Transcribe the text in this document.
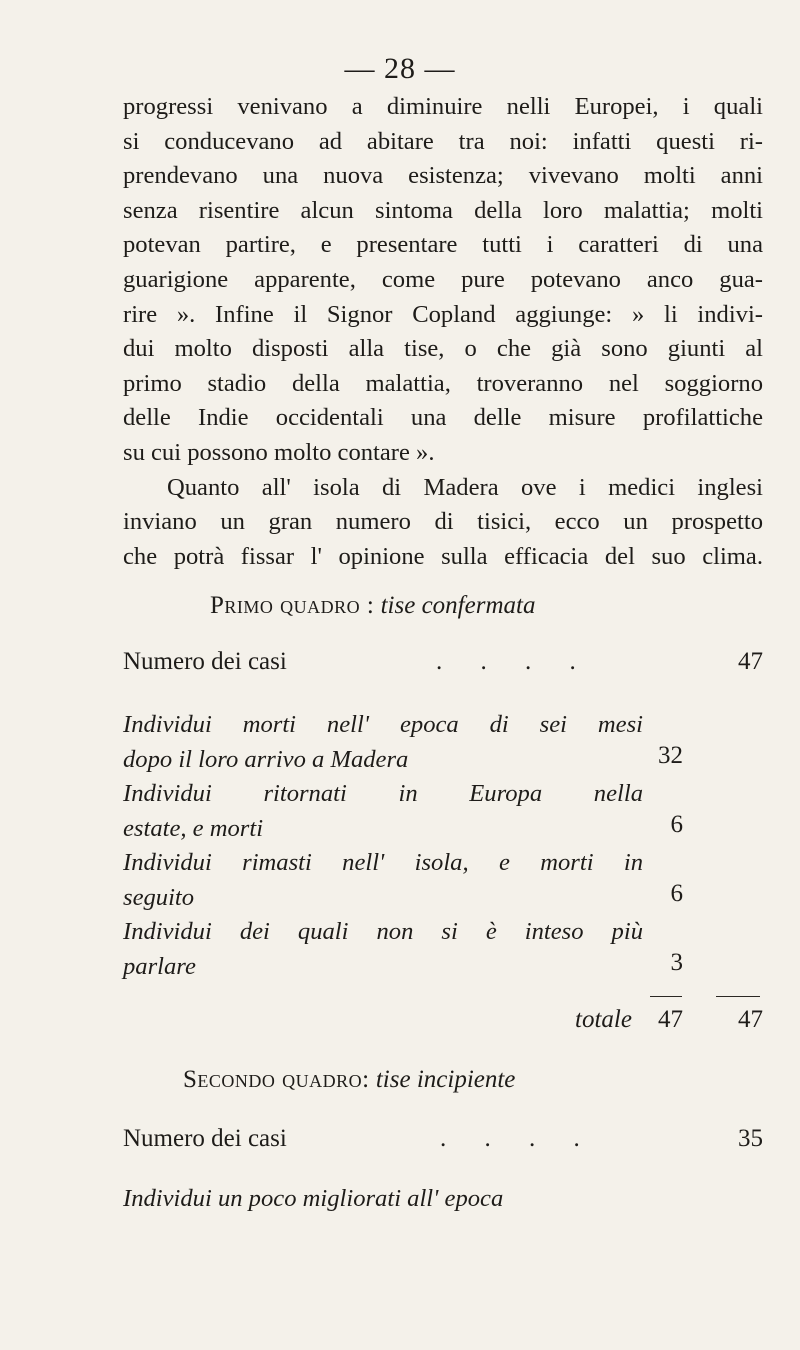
— 28 —

progressi venivano a diminuire nelli Europei, i quali
si conducevano ad abitare tra noi: infatti questi ri-
prendevano una nuova esistenza; vivevano molti anni
senza risentire alcun sintoma della loro malattia; molti
potevan partire, e presentare tutti i caratteri di una
guarigione apparente, come pure potevano anco gua-
rire ». Infine il Signor Copland aggiunge: » li indivi-
dui molto disposti alla tise, o che già sono giunti al
primo stadio della malattia, troveranno nel soggiorno
delle Indie occidentali una delle misure profilattiche
su cui possono molto contare ».

Quanto all' isola di Madera ove i medici inglesi
inviano un gran numero di tisici, ecco un prospetto
che potrà fissar l' opinione sulla efficacia del suo clima.

Primo quadro : tise confermata
Numero dei casi	. . . .	47
Individui morti nell' epoca di sei mesi
dopo il loro arrivo a Madera	32
Individui ritornati in Europa nella
estate, e morti	6
Individui rimasti nell' isola, e morti in
seguito	6
Individui dei quali non si è inteso più
parlare	3
totale	47	47
Secondo quadro: tise incipiente
Numero dei casi	. . . .	35
Individui un poco migliorati all' epoca
